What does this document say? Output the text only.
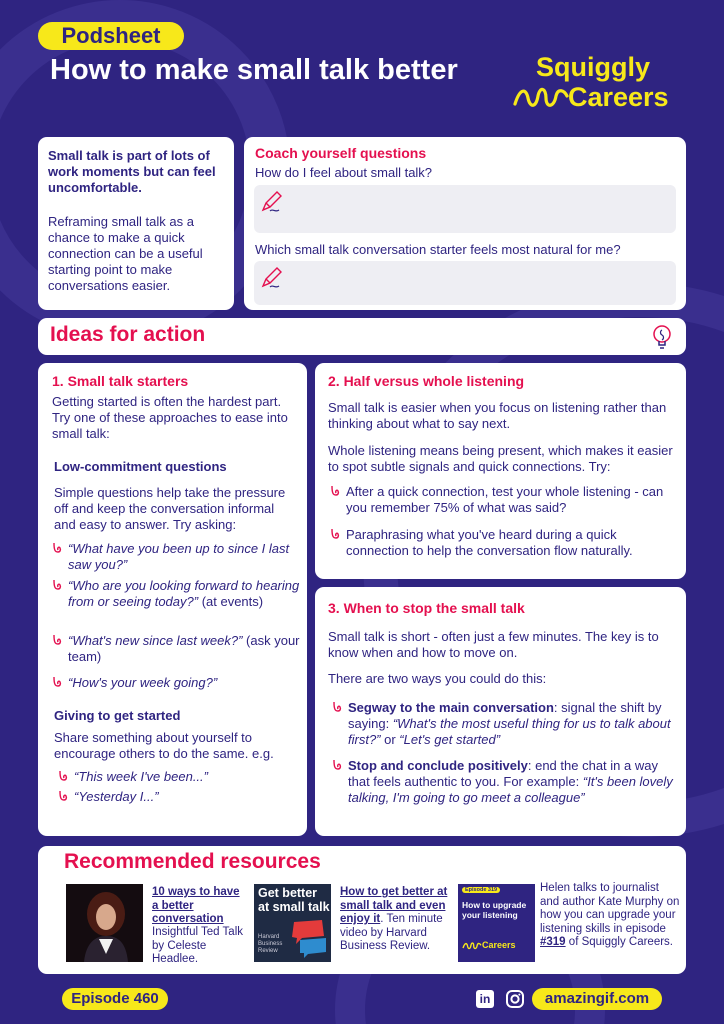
Podsheet
How to make small talk better	Squiggly
Careers
Small talk is part of lots of work moments but can feel uncomfortable.
Reframing small talk as a chance to make a quick connection can be a useful starting point to make conversations easier.
Coach yourself questions
How do I feel about small talk?
Which small talk conversation starter feels most natural for me?
Ideas for action
1. Small talk starters
Getting started is often the hardest part. Try one of these approaches to ease into small talk:
Low-commitment questions
Simple questions help take the pressure off and keep the conversation informal and easy to answer. Try asking:
“What have you been up to since I last saw you?”
“Who are you looking forward to hearing from or seeing today?” (at events)
“What's new since last week?” (ask your team)
“How's your week going?”
Giving to get started
Share something about yourself to encourage others to do the same. e.g.
“This week I've been...”
“Yesterday I...”
2. Half versus whole listening
Small talk is easier when you focus on listening rather than thinking about what to say next.
Whole listening means being present, which makes it easier to spot subtle signals and quick connections. Try:
After a quick connection, test your whole listening - can you remember 75% of what was said?
Paraphrasing what you've heard during a quick connection to help the conversation flow naturally.
3. When to stop the small talk
Small talk is short - often just a few minutes. The key is to know when and how to move on.
There are two ways you could do this:
Segway to the main conversation: signal the shift by saying: “What's the most useful thing for us to talk about first?” or “Let's get started”
Stop and conclude positively: end the chat in a way that feels authentic to you. For example: “It's been lovely talking, I'm going to go meet a colleague”
Recommended resources
10 ways to have a better conversation
Insightful Ted Talk by Celeste Headlee.
Get better at small talk
Harvard Business Review
How to get better at small talk and even enjoy it. Ten minute video by Harvard Business Review.
Episode 319
How to upgrade your listening
Careers
Helen talks to journalist and author Kate Murphy on how you can upgrade your listening skills in episode #319 of Squiggly Careers.
Episode 460	in	amazingif.com
